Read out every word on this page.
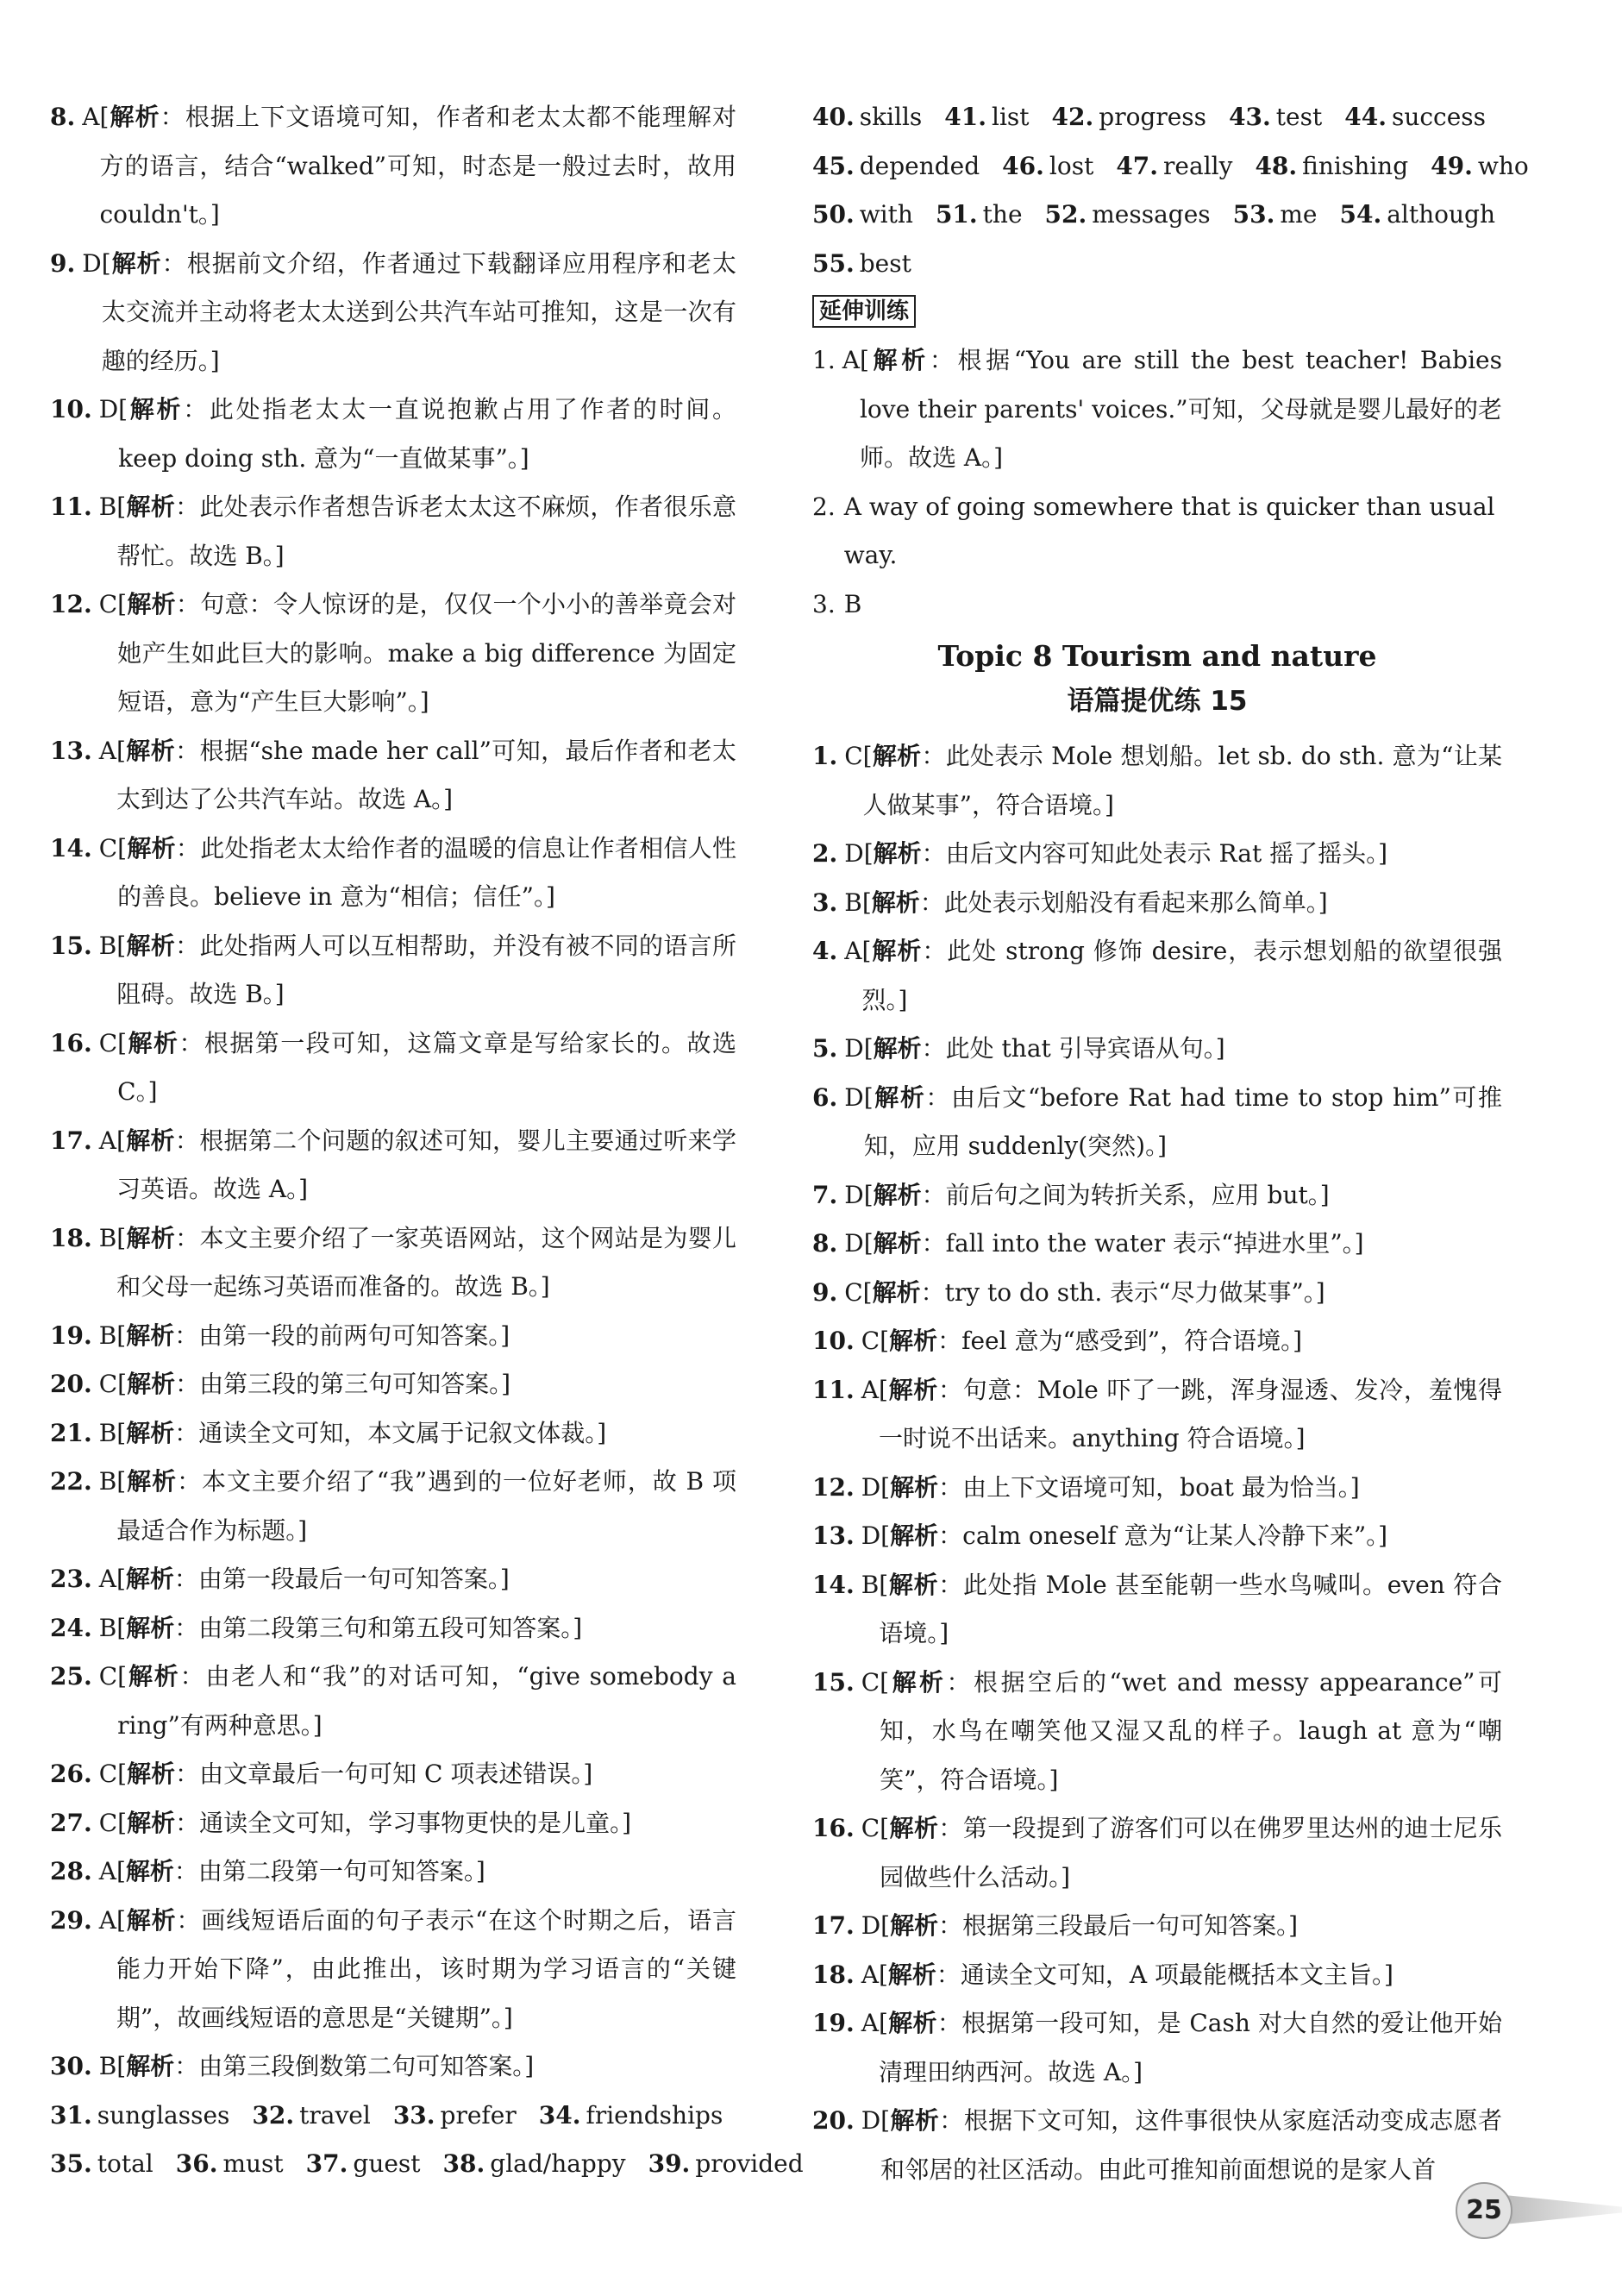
8. A [解析：根据上下文语境可知，作者和老太太都不能理解对方的语言，结合“walked”可知，时态是一般过去时，故用couldn't。]
9. D [解析：根据前文介绍，作者通过下载翻译应用程序和老太太交流并主动将老太太送到公共汽车站可推知，这是一次有趣的经历。]
10. D [解析：此处指老太太一直说抱歉占用了作者的时间。keep doing sth. 意为“一直做某事”。]
11. B [解析：此处表示作者想告诉老太太这不麻烦，作者很乐意帮忙。故选 B。]
12. C [解析：句意：令人惊讶的是，仅仅一个小小的善举竟会对她产生如此巨大的影响。make a big difference 为固定短语，意为“产生巨大影响”。]
13. A [解析：根据“she made her call”可知，最后作者和老太太到达了公共汽车站。故选 A。]
14. C [解析：此处指老太太给作者的温暖的信息让作者相信人性的善良。believe in 意为“相信；信任”。]
15. B [解析：此处指两人可以互相帮助，并没有被不同的语言所阻碍。故选 B。]
16. C [解析：根据第一段可知，这篇文章是写给家长的。故选 C。]
17. A [解析：根据第二个问题的叙述可知，婴儿主要通过听来学习英语。故选 A。]
18. B [解析：本文主要介绍了一家英语网站，这个网站是为婴儿和父母一起练习英语而准备的。故选 B。]
19. B [解析：由第一段的前两句可知答案。]
20. C [解析：由第三段的第三句可知答案。]
21. B [解析：通读全文可知，本文属于记叙文体裁。]
22. B [解析：本文主要介绍了“我”遇到的一位好老师，故 B 项最适合作为标题。]
23. A [解析：由第一段最后一句可知答案。]
24. B [解析：由第二段第三句和第五段可知答案。]
25. C [解析：由老人和“我”的对话可知，“give somebody a ring”有两种意思。]
26. C [解析：由文章最后一句可知 C 项表述错误。]
27. C [解析：通读全文可知，学习事物更快的是儿童。]
28. A [解析：由第二段第一句可知答案。]
29. A [解析：画线短语后面的句子表示“在这个时期之后，语言能力开始下降”，由此推出，该时期为学习语言的“关键期”，故画线短语的意思是“关键期”。]
30. B [解析：由第三段倒数第二句可知答案。]
31. sunglasses 32. travel 33. prefer 34. friendships
35. total 36. must 37. guest 38. glad/happy 39. provided
40. skills 41. list 42. progress 43. test 44. success
45. depended 46. lost 47. really 48. finishing 49. who
50. with 51. the 52. messages 53. me 54. although
55. best
延伸训练
1. A [解析：根据“You are still the best teacher! Babies love their parents' voices.”可知，父母就是婴儿最好的老师。故选 A。]
2. A way of going somewhere that is quicker than usual way.
3. B
Topic 8 Tourism and nature
语篇提优练 15
1. C [解析：此处表示 Mole 想划船。let sb. do sth. 意为“让某人做某事”，符合语境。]
2. D [解析：由后文内容可知此处表示 Rat 摇了摇头。]
3. B [解析：此处表示划船没有看起来那么简单。]
4. A [解析：此处 strong 修饰 desire，表示想划船的欲望很强烈。]
5. D [解析：此处 that 引导宾语从句。]
6. D [解析：由后文“before Rat had time to stop him”可推知，应用 suddenly(突然)。]
7. D [解析：前后句之间为转折关系，应用 but。]
8. D [解析：fall into the water 表示“掉进水里”。]
9. C [解析：try to do sth. 表示“尽力做某事”。]
10. C [解析：feel 意为“感受到”，符合语境。]
11. A [解析：句意：Mole 吓了一跳，浑身湿透、发冷，羞愧得一时说不出话来。anything 符合语境。]
12. D [解析：由上下文语境可知，boat 最为恰当。]
13. D [解析：calm oneself 意为“让某人冷静下来”。]
14. B [解析：此处指 Mole 甚至能朝一些水鸟喊叫。even 符合语境。]
15. C [解析：根据空后的“wet and messy appearance”可知，水鸟在嘲笑他又湿又乱的样子。laugh at 意为“嘲笑”，符合语境。]
16. C [解析：第一段提到了游客们可以在佛罗里达州的迪士尼乐园做些什么活动。]
17. D [解析：根据第三段最后一句可知答案。]
18. A [解析：通读全文可知，A 项最能概括本文主旨。]
19. A [解析：根据第一段可知，是 Cash 对大自然的爱让他开始清理田纳西河。故选 A。]
20. D [解析：根据下文可知，这件事很快从家庭活动变成志愿者和邻居的社区活动。由此可推知前面想说的是家人首
25
